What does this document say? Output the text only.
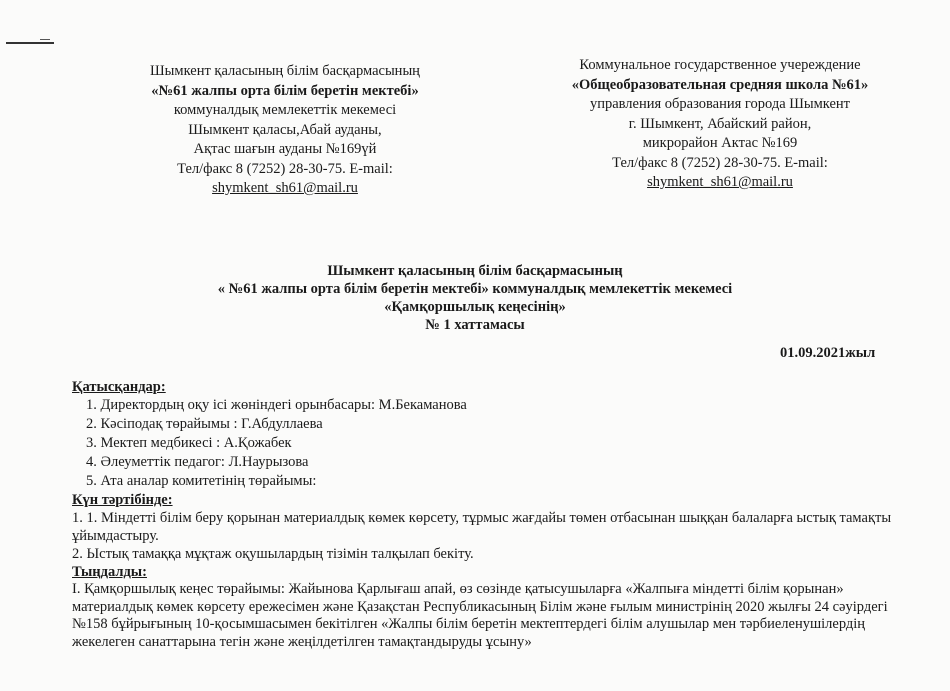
Шымкент қаласының білім басқармасының
«№61 жалпы орта білім беретін мектебі»
коммуналдық мемлекеттік мекемесі
Шымкент қаласы,Абай ауданы,
Ақтас шағын ауданы №169үй
Тел/факс 8 (7252) 28-30-75. E-mail:
shymkent_sh61@mail.ru
Коммунальное государственное учереждение
«Общеобразовательная средняя школа №61»
управления образования города Шымкент
г. Шымкент, Абайский район,
микрорайон Актас №169
Тел/факс 8 (7252) 28-30-75. E-mail:
shymkent_sh61@mail.ru
Шымкент қаласының білім басқармасының
« №61 жалпы орта білім беретін мектебі» коммуналдық мемлекеттік мекемесі
«Қамқоршылық кеңесінің»
№ 1 хаттамасы
01.09.2021жыл
Қатысқандар:
1. Директордың оқу ісі жөніндегі орынбасары: М.Бекаманова
2. Кәсіподақ төрайымы : Г.Абдуллаева
3. Мектеп медбикесі : А.Қожабек
4. Әлеуметтік педагог: Л.Наурызова
5. Ата аналар комитетінің төрайымы:
Күн тәртібінде:

1. 1. Міндетті білім беру қорынан материалдық көмек көрсету, тұрмыс жағдайы төмен отбасынан шыққан балаларға ыстық тамақты ұйымдастыру.

2. Ыстық тамаққа мұқтаж оқушылардың тізімін талқылап бекіту.

Тыңдалды:

I. Қамқоршылық кеңес төрайымы: Жайынова Қарлығаш апай, өз сөзінде қатысушыларға «Жалпыға міндетті білім қорынан» материалдық көмек көрсету ережесімен және Қазақстан Республикасының Білім және ғылым министрінің 2020 жылғы 24 сәуірдегі №158 бұйрығының 10-қосымшасымен бекітілген «Жалпы білім беретін мектептердегі білім алушылар мен тәрбиеленушілердің жекелеген санаттарына тегін және жеңілдетілген тамақтандыруды ұсыну»
